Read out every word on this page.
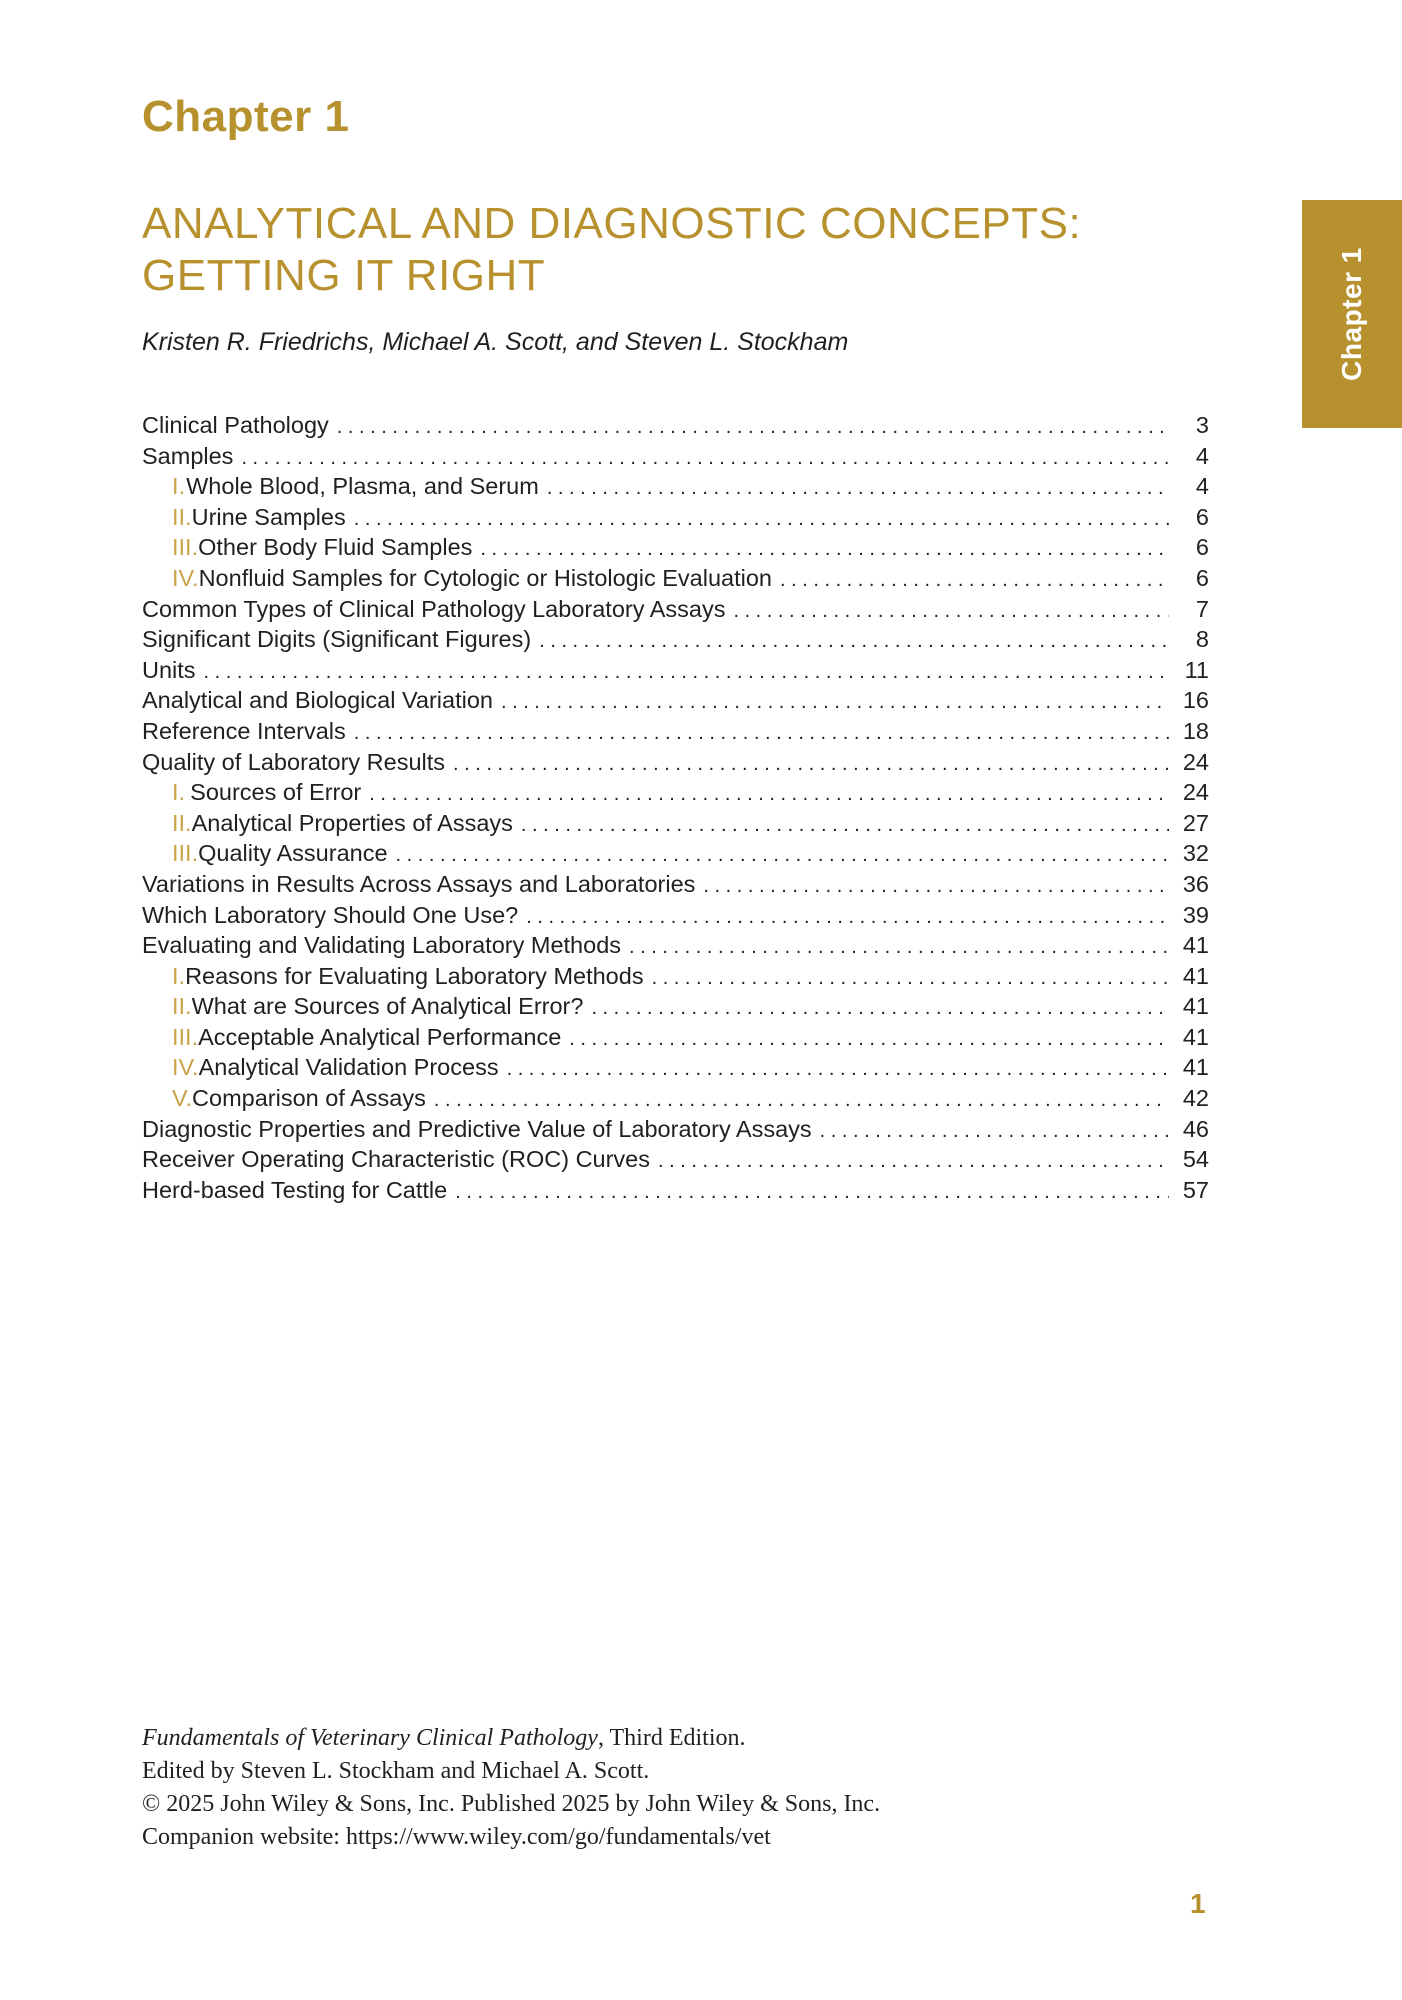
Chapter 1
ANALYTICAL AND DIAGNOSTIC CONCEPTS:
GETTING IT RIGHT
Kristen R. Friedrichs, Michael A. Scott, and Steven L. Stockham	Chapter 1
Clinical Pathology . . .	3
Samples . . .	4
I. Whole Blood, Plasma, and Serum . . .	4
II. Urine Samples . . .	6
III. Other Body Fluid Samples . . .	6
IV. Nonfluid Samples for Cytologic or Histologic Evaluation . . .	6
Common Types of Clinical Pathology Laboratory Assays . . .	7
Significant Digits (Significant Figures) . . .	8
Units . . .	11
Analytical and Biological Variation . . .	16
Reference Intervals . . .	18
Quality of Laboratory Results . . .	24
I. Sources of Error . . .	24
II. Analytical Properties of Assays . . .	27
III. Quality Assurance . . .	32
Variations in Results Across Assays and Laboratories . . .	36
Which Laboratory Should One Use? . . .	39
Evaluating and Validating Laboratory Methods . . .	41
I. Reasons for Evaluating Laboratory Methods . . .	41
II. What are Sources of Analytical Error? . . .	41
III. Acceptable Analytical Performance . . .	41
IV. Analytical Validation Process . . .	41
V. Comparison of Assays . . .	42
Diagnostic Properties and Predictive Value of Laboratory Assays . . .	46
Receiver Operating Characteristic (ROC) Curves . . .	54
Herd-based Testing for Cattle . . .	57
Fundamentals of Veterinary Clinical Pathology, Third Edition.
Edited by Steven L. Stockham and Michael A. Scott.
© 2025 John Wiley & Sons, Inc. Published 2025 by John Wiley & Sons, Inc.
Companion website: https://www.wiley.com/go/fundamentals/vet
1
